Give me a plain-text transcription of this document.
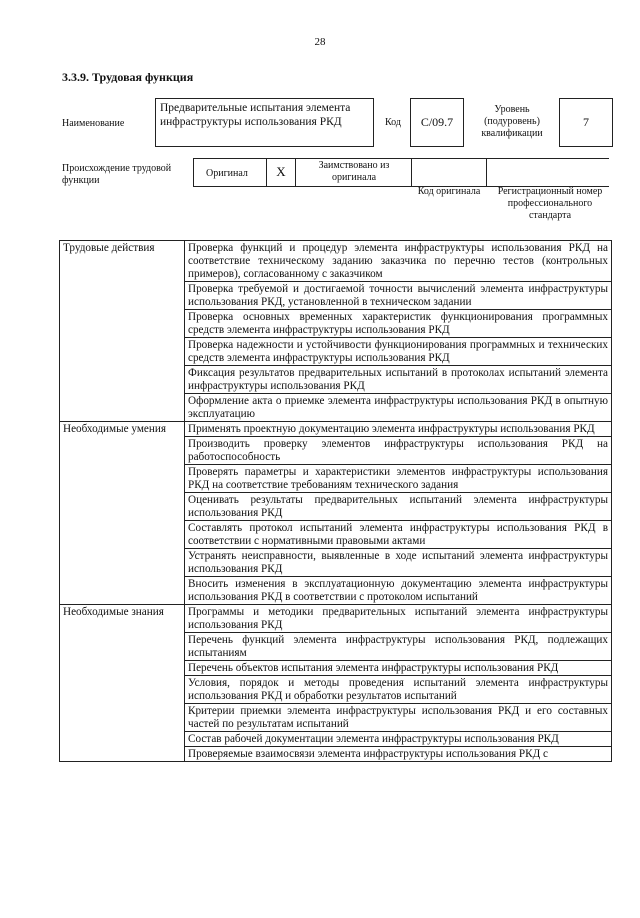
28
3.3.9. Трудовая функция
Наименование
Предварительные испытания элемента инфраструктуры использования РКД	Код	С/09.7
Уровень (подуровень) квалификации
7
Происхождение трудовой функции
Оригинал	X	Заимствовано из оригинала
Код оригинала	Регистрационный номер профессионального стандарта
Трудовые действия	Проверка функций и процедур элемента инфраструктуры использования РКД на соответствие техническому заданию заказчика по перечню тестов (контрольных примеров), согласованному с заказчиком
	Проверка требуемой и достигаемой точности вычислений элемента инфраструктуры использования РКД, установленной в техническом задании
	Проверка основных временных характеристик функционирования программных средств элемента инфраструктуры использования РКД
	Проверка надежности и устойчивости функционирования программных и технических средств элемента инфраструктуры использования РКД
	Фиксация результатов предварительных испытаний в протоколах испытаний элемента инфраструктуры использования РКД
	Оформление акта о приемке элемента инфраструктуры использования РКД в опытную эксплуатацию
Необходимые умения	Применять проектную документацию элемента инфраструктуры использования РКД
	Производить проверку элементов инфраструктуры использования РКД на работоспособность
	Проверять параметры и характеристики элементов инфраструктуры использования РКД на соответствие требованиям технического задания
	Оценивать результаты предварительных испытаний элемента инфраструктуры использования РКД
	Составлять протокол испытаний элемента инфраструктуры использования РКД в соответствии с нормативными правовыми актами
	Устранять неисправности, выявленные в ходе испытаний элемента инфраструктуры использования РКД
	Вносить изменения в эксплуатационную документацию элемента инфраструктуры использования РКД в соответствии с протоколом испытаний
Необходимые знания	Программы и методики предварительных испытаний элемента инфраструктуры использования РКД
	Перечень функций элемента инфраструктуры использования РКД, подлежащих испытаниям
	Перечень объектов испытания элемента инфраструктуры использования РКД
	Условия, порядок и методы проведения испытаний элемента инфраструктуры использования РКД и обработки результатов испытаний
	Критерии приемки элемента инфраструктуры использования РКД и его составных частей по результатам испытаний
	Состав рабочей документации элемента инфраструктуры использования РКД
	Проверяемые взаимосвязи элемента инфраструктуры использования РКД с
